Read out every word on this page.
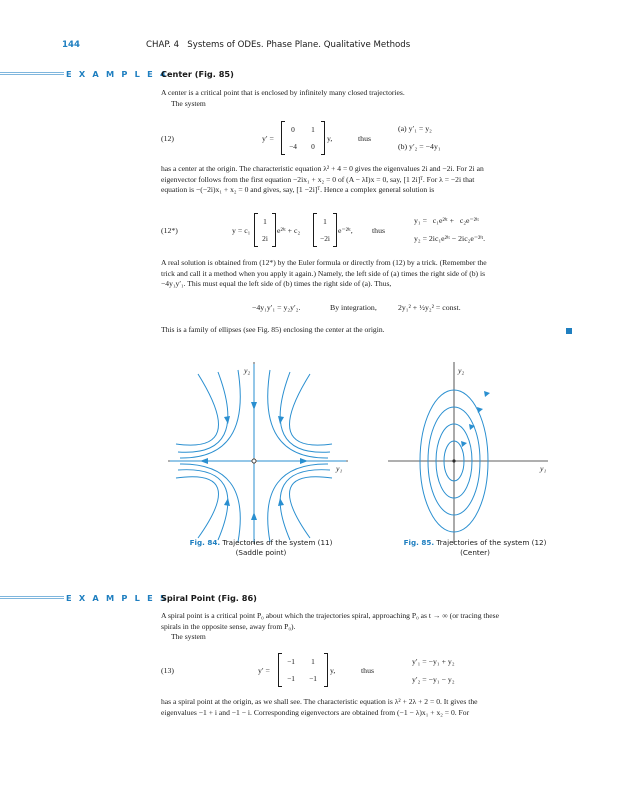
144	CHAP. 4   Systems of ODEs. Phase Plane. Qualitative Methods
E X A M P L E 4
Center (Fig. 85)
A center is a critical point that is enclosed by infinitely many closed trajectories.
The system
(12)	y′ =
0	1
−4	0
y,	thus
(a) y′₁ = y₂
(b) y′₂ = −4y₁
has a center at the origin. The characteristic equation λ² + 4 = 0 gives the eigenvalues 2i and −2i. For 2i an
eigenvector follows from the first equation −2ix₁ + x₂ = 0 of (A − λI)x = 0, say, [1 2i]ᵀ. For λ = −2i that
equation is −(−2i)x₁ + x₂ = 0 and gives, say, [1 −2i]ᵀ. Hence a complex general solution is
(12*)	y = c₁
1
2i
e²ⁱᵗ + c₂
1
−2i
e⁻²ⁱᵗ, thus
y₁ =   c₁e²ⁱᵗ +   c₂e⁻²ⁱᵗ
y₂ = 2ic₁e²ⁱᵗ − 2ic₂e⁻²ⁱᵗ.
A real solution is obtained from (12*) by the Euler formula or directly from (12) by a trick. (Remember the
trick and call it a method when you apply it again.) Namely, the left side of (a) times the right side of (b) is
−4y₁y′₁. This must equal the left side of (b) times the right side of (a). Thus,
−4y₁y′₁ = y₂y′₂.	By integration,	2y₁² + ½y₂² = const.
This is a family of ellipses (see Fig. 85) enclosing the center at the origin.
y₂
y₁
y₂
y₁
Fig. 84. Trajectories of the system (11)
(Saddle point)
Fig. 85. Trajectories of the system (12)
(Center)
E X A M P L E 5
Spiral Point (Fig. 86)
A spiral point is a critical point P₀ about which the trajectories spiral, approaching P₀ as t → ∞ (or tracing these
spirals in the opposite sense, away from P₀).
The system
(13)	y′ =
−1	1
−1	−1
y,	thus
y′₁ = −y₁ + y₂
y′₂ = −y₁ − y₂
has a spiral point at the origin, as we shall see. The characteristic equation is λ² + 2λ + 2 = 0. It gives the
eigenvalues −1 + i and −1 − i. Corresponding eigenvectors are obtained from (−1 − λ)x₁ + x₂ = 0. For
